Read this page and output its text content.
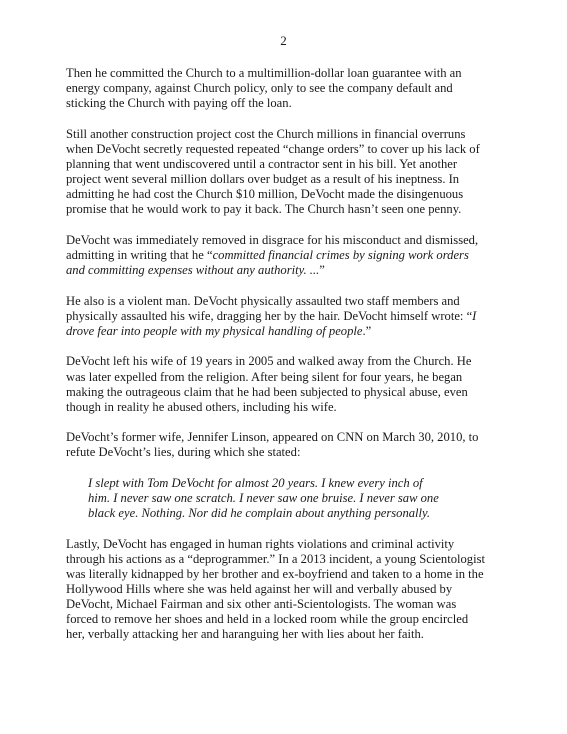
2

Then he committed the Church to a multimillion-dollar loan guarantee with an
energy company, against Church policy, only to see the company default and
sticking the Church with paying off the loan.

Still another construction project cost the Church millions in financial overruns
when DeVocht secretly requested repeated “change orders” to cover up his lack of
planning that went undiscovered until a contractor sent in his bill. Yet another
project went several million dollars over budget as a result of his ineptness. In
admitting he had cost the Church $10 million, DeVocht made the disingenuous
promise that he would work to pay it back. The Church hasn’t seen one penny.

DeVocht was immediately removed in disgrace for his misconduct and dismissed,
admitting in writing that he “committed financial crimes by signing work orders
and committing expenses without any authority. ...”

He also is a violent man. DeVocht physically assaulted two staff members and
physically assaulted his wife, dragging her by the hair. DeVocht himself wrote: “I
drove fear into people with my physical handling of people.”

DeVocht left his wife of 19 years in 2005 and walked away from the Church. He
was later expelled from the religion. After being silent for four years, he began
making the outrageous claim that he had been subjected to physical abuse, even
though in reality he abused others, including his wife.

DeVocht’s former wife, Jennifer Linson, appeared on CNN on March 30, 2010, to
refute DeVocht’s lies, during which she stated:

I slept with Tom DeVocht for almost 20 years. I knew every inch of
him. I never saw one scratch. I never saw one bruise. I never saw one
black eye. Nothing. Nor did he complain about anything personally.

Lastly, DeVocht has engaged in human rights violations and criminal activity
through his actions as a “deprogrammer.” In a 2013 incident, a young Scientologist
was literally kidnapped by her brother and ex-boyfriend and taken to a home in the
Hollywood Hills where she was held against her will and verbally abused by
DeVocht, Michael Fairman and six other anti-Scientologists. The woman was
forced to remove her shoes and held in a locked room while the group encircled
her, verbally attacking her and haranguing her with lies about her faith.
